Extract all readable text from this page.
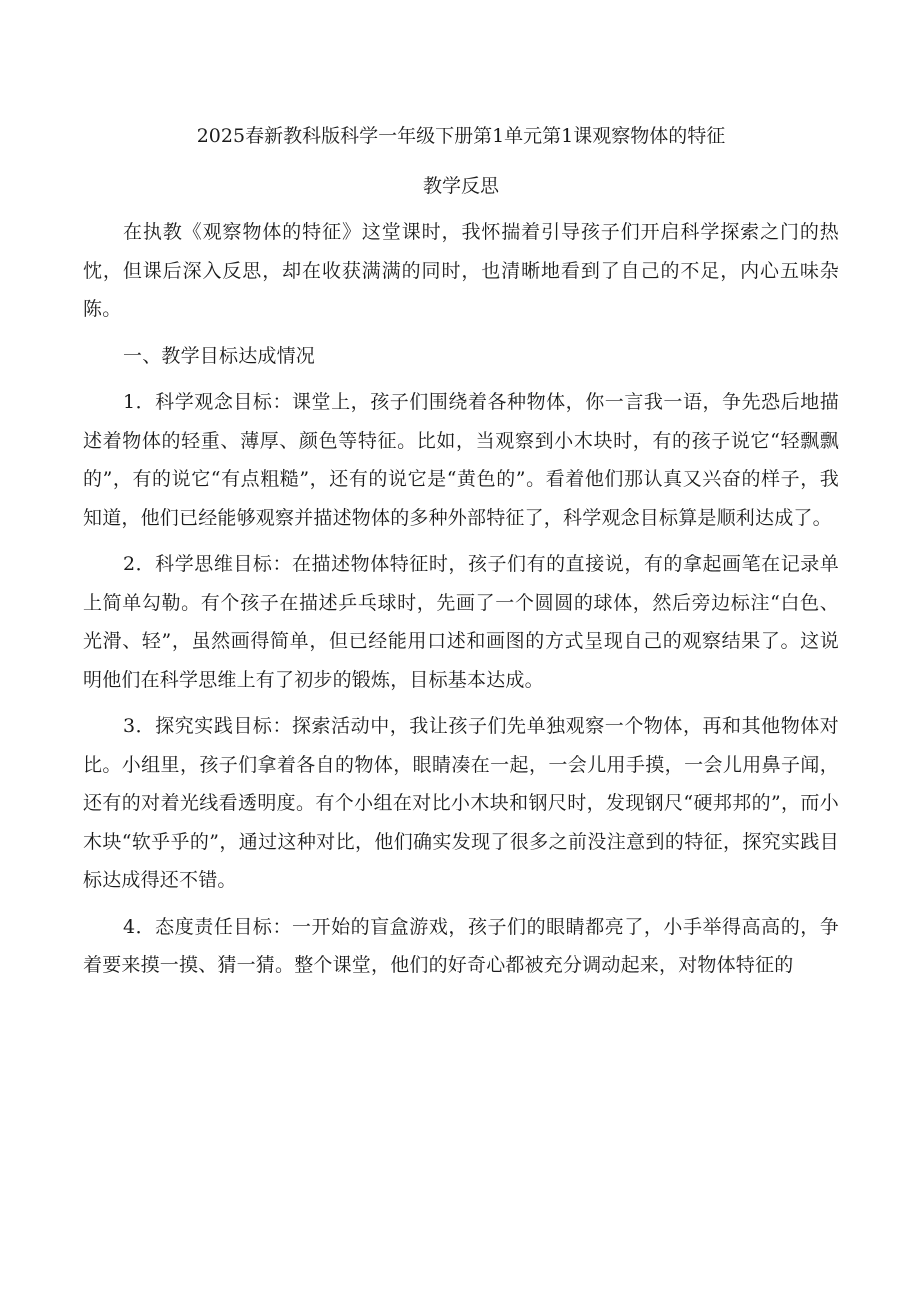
2025春新教科版科学一年级下册第1单元第1课观察物体的特征
教学反思

在执教《观察物体的特征》这堂课时，我怀揣着引导孩子们开启科学探索之门的热忱，但课后深入反思，却在收获满满的同时，也清晰地看到了自己的不足，内心五味杂陈。

一、教学目标达成情况

1．科学观念目标：课堂上，孩子们围绕着各种物体，你一言我一语，争先恐后地描述着物体的轻重、薄厚、颜色等特征。比如，当观察到小木块时，有的孩子说它“轻飘飘的”，有的说它“有点粗糙”，还有的说它是“黄色的”。看着他们那认真又兴奋的样子，我知道，他们已经能够观察并描述物体的多种外部特征了，科学观念目标算是顺利达成了。

2．科学思维目标：在描述物体特征时，孩子们有的直接说，有的拿起画笔在记录单上简单勾勒。有个孩子在描述乒乓球时，先画了一个圆圆的球体，然后旁边标注“白色、光滑、轻”，虽然画得简单，但已经能用口述和画图的方式呈现自己的观察结果了。这说明他们在科学思维上有了初步的锻炼，目标基本达成。

3．探究实践目标：探索活动中，我让孩子们先单独观察一个物体，再和其他物体对比。小组里，孩子们拿着各自的物体，眼睛凑在一起，一会儿用手摸，一会儿用鼻子闻，还有的对着光线看透明度。有个小组在对比小木块和钢尺时，发现钢尺“硬邦邦的”，而小木块“软乎乎的”，通过这种对比，他们确实发现了很多之前没注意到的特征，探究实践目标达成得还不错。

4．态度责任目标：一开始的盲盒游戏，孩子们的眼睛都亮了，小手举得高高的，争着要来摸一摸、猜一猜。整个课堂，他们的好奇心都被充分调动起来，对物体特征的
